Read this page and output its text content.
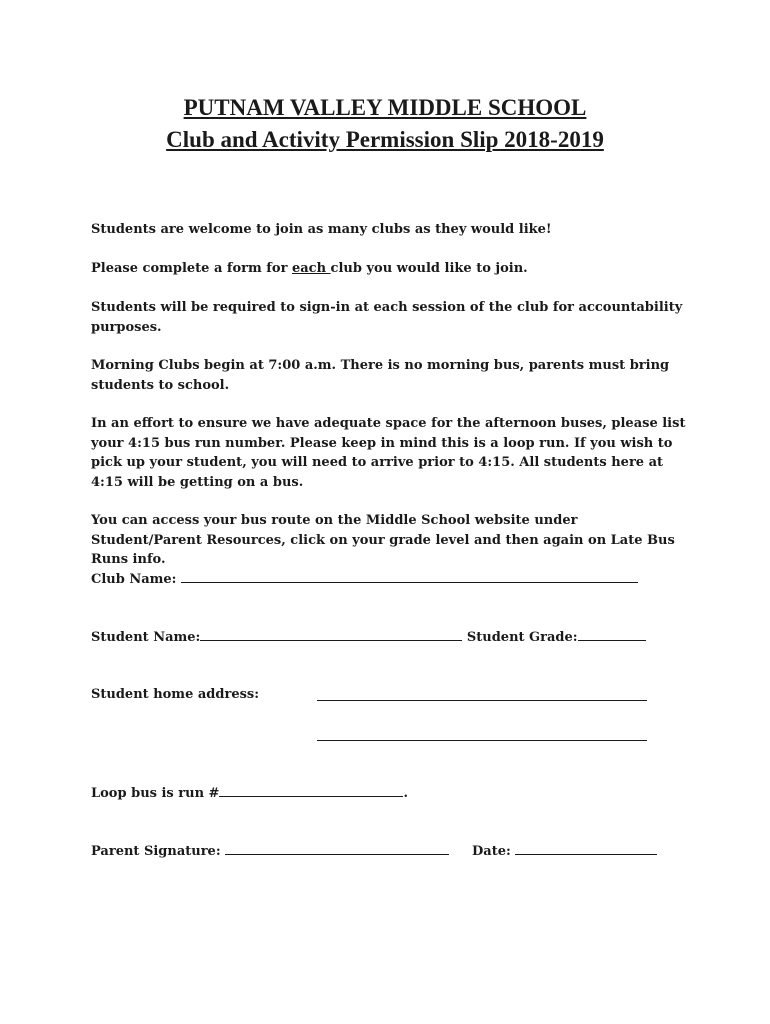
PUTNAM VALLEY MIDDLE SCHOOL
Club and Activity Permission Slip 2018-2019

Students are welcome to join as many clubs as they would like!

Please complete a form for each club you would like to join.

Students will be required to sign-in at each session of the club for accountability purposes.

Morning Clubs begin at 7:00 a.m. There is no morning bus, parents must bring students to school.

In an effort to ensure we have adequate space for the afternoon buses, please list your 4:15 bus run number. Please keep in mind this is a loop run. If you wish to pick up your student, you will need to arrive prior to 4:15. All students here at 4:15 will be getting on a bus.

You can access your bus route on the Middle School website under Student/Parent Resources, click on your grade level and then again on Late Bus Runs info.

Club Name:
Student Name:	Student Grade:
Student home address:
Loop bus is run #	.
Parent Signature:	Date:
